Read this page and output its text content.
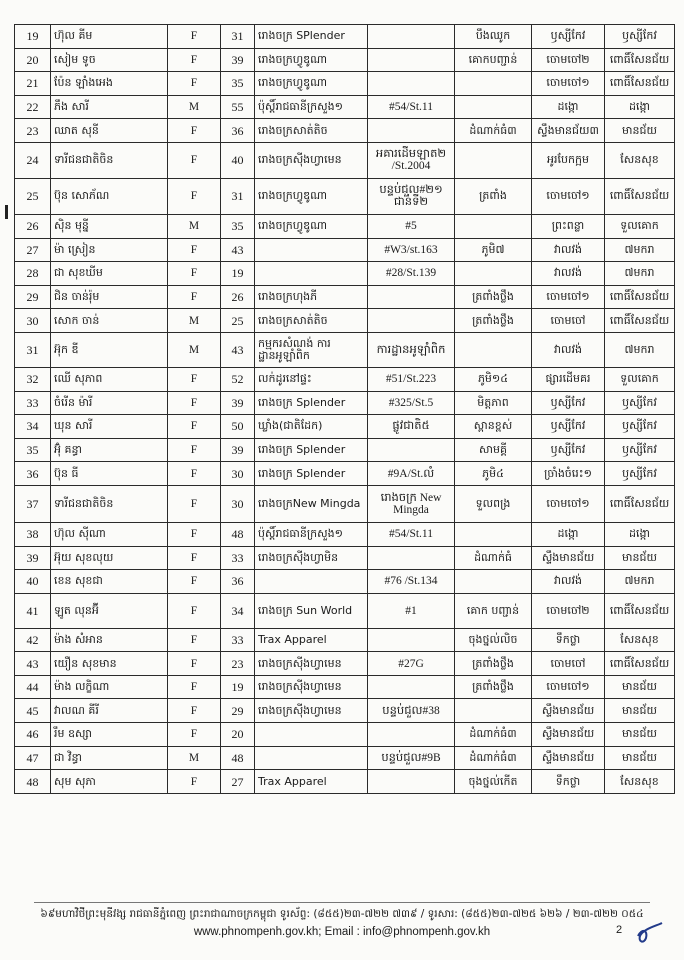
19	ហ៊ុល គីម	F	31	រោងចក្រ SPlender		បឹងឈូក	ឫស្សីកែវ	ឫស្សីកែវ
20	សៀម ទូច	F	39	រោងចក្រហ្វូឌូណា		គោកបញ្ជាន់	ចោមចៅ២	ពោធិ៍សែនជ័យ
21	ប៉ែន ឡាំងអេង	F	35	រោងចក្រហ្វូឌូណា			ចោមចៅ១	ពោធិ៍សែនជ័យ
22	ភឹង សារី	M	55	ប៉ុស្តិ៍រាជធានីក្រសួង១	#54/St.11		ដង្កោ	ដង្កោ
23	ឈាត សុនី	F	36	រោងចក្រសាត់តិច		ដំណាក់ធំ៣	ស្ទឹងមានជ័យ៣	មានជ័យ
24	ទារីជនជាតិចិន	F	40	រោងចក្រស៊ីងហ្វាមេន	អគារដើមឡាត២ /St.2004		អូរបែកក្អម	សែនសុខ
25	ប៊ុន សោភ័ណ	F	31	រោងចក្រហ្វូឌូណា	បន្ទប់ជួល#២១ ជាន់ទី២	ត្រពាំង	ចោមចៅ១	ពោធិ៍សែនជ័យ
26	ស៊ិន មុន្នី	M	35	រោងចក្រហ្វូឌូណា	#5		ព្រះពន្លា	ទួលគោក
27	ម៉ា ស្រៀន	F	43		#W3/st.163	ភូមិ៧	វាលវង់	៧មករា
28	ជា សុខឃីម	F	19		#28/St.139		វាលវង់	៧មករា
29	ជិន ចាន់រ៉ុម	F	26	រោងចក្រហុងភី		ត្រពាំងថ្លឹង	ចោមចៅ១	ពោធិ៍សែនជ័យ
30	សោក ចាន់	M	25	រោងចក្រសាត់តិច		ត្រពាំងថ្លឹង	ចោមចៅ	ពោធិ៍សែនជ័យ
31	អ៊ុក ឌី	M	43	កម្មករសំណង់ ការដ្ឋានអូឡាំពិក	ការដ្ឋានអូឡាំពិក		វាលវង់	៧មករា
32	ឈើ សុភាព	F	52	លក់ដូរនៅផ្ទះ	#51/St.223	ភូមិ១៤	ផ្សារដើមគរ	ទួលគោក
33	ចំរើន ម៉ារី	F	39	រោងចក្រ Splender	#325/St.5	មិត្តភាព	ឫស្សីកែវ	ឫស្សីកែវ
34	ឃុន សារី	F	50	ឃ្លាំង(ជាតិដែក)	ផ្លូវជាតិ៥	ស្ពានខ្ពស់	ឫស្សីកែវ	ឫស្សីកែវ
35	អ៊ុំ គន្ធា	F	39	រោងចក្រ Splender		សាមគ្គី	ឫស្សីកែវ	ឫស្សីកែវ
36	ប៊ុន ធី	F	30	រោងចក្រ Splender	#9A/St.លំ	ភូមិ៤	ច្រាំងចំរេះ១	ឫស្សីកែវ
37	ទារីជនជាតិចិន	F	30	រោងចក្រNew Mingda	រោងចក្រ New Mingda	ទួលពង្រ	ចោមចៅ១	ពោធិ៍សែនជ័យ
38	ហ៊ុល ស៊ីណា	F	48	ប៉ុស្តិ៍រាជធានីក្រសួង១	#54/St.11		ដង្កោ	ដង្កោ
39	អ៊ុយ សុខលុយ	F	33	រោងចក្រស៊ីងហ្វាមិន		ដំណាក់ធំ	ស្ទឹងមានជ័យ	មានជ័យ
40	ខេន សុខជា	F	36		#76 /St.134		វាលវង់	៧មករា
41	ឡូត លុនអ៊ី	F	34	រោងចក្រ Sun World	#1	គោក បញ្ជាន់	ចោមចៅ២	ពោធិ៍សែនជ័យ
42	ម៉ាង សំអាន	F	33	Trax Apparel		ចុងថ្នល់លិច	ទឹកថ្លា	សែនសុខ
43	យឿន សុខមាន	F	23	រោងចក្រស៊ីងហ្វាមេន	#27G	ត្រពាំងថ្លឹង	ចោមចៅ	ពោធិ៍សែនជ័យ
44	ម៉ាង លក្ខិណា	F	19	រោងចក្រស៊ីងហ្វាមេន		ត្រពាំងថ្លឹង	ចោមចៅ១	មានជ័យ
45	វាលណ គីរី	F	29	រោងចក្រស៊ីងហ្វាមេន	បន្ទប់ជួល#38		ស្ទឹងមានជ័យ	មានជ័យ
46	រឹម ឧស្សា	F	20			ដំណាក់ធំ៣	ស្ទឹងមានជ័យ	មានជ័យ
47	ជា វិន្ធា	M	48		បន្ទប់ជួល#9B	ដំណាក់ធំ៣	ស្ទឹងមានជ័យ	មានជ័យ
48	សុម សុភា	F	27	Trax Apparel		ចុងថ្នល់កើត	ទឹកថ្លា	សែនសុខ
៦៩មហាវិថីព្រះមុនីវង្ស រាជធានីភ្នំពេញ ព្រះរាជាណាចក្រកម្ពុជា ទូរស័ព្ទ: (៨៥៥)២៣-៧២២ ៧៣៩ / ទូរសារ: (៨៥៥)២៣-៧២៥ ៦២៦ / ២៣-៧២២ ០៥៤
www.phnompenh.gov.kh; Email : info@phnompenh.gov.kh	2
